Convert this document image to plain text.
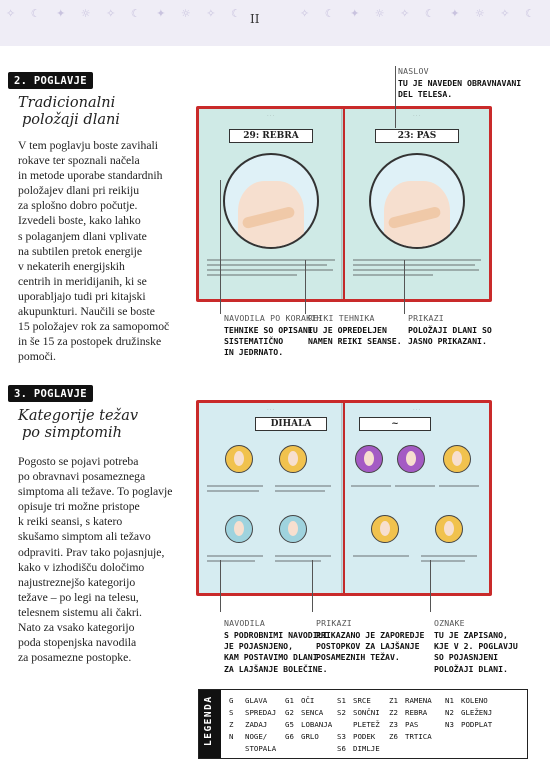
✧ ☾ ✦ ☼ ✧ ☾ ✦ ☼ ✧ ☾	✧ ☾ ✦ ☼ ✧ ☾ ✦ ☼ ✧ ☾
II
2. POGLAVJE
Tradicionalni
položaji dlani
V tem poglavju boste zavihali
rokave ter spoznali načela
in metode uporabe standardnih
položajev dlani pri reikiju
za splošno dobro počutje.
Izvedeli boste, kako lahko
s polaganjem dlani vplivate
na subtilen pretok energije
v nekaterih energijskih
centrih in meridijanih, ki se
uporabljajo tudi pri kitajski
akupunkturi. Naučili se boste
15 položajev rok za samopomoč
in še 15 za postopek družinske
pomoči.
· · ·
29: REBRA
· · ·
23: PAS
NASLOV
TU JE NAVEDEN OBRAVNAVANI
DEL TELESA.
NAVODILA PO KORAKIH
TEHNIKE SO OPISANE
SISTEMATIČNO
IN JEDRNATO.
REIKI TEHNIKA
TU JE OPREDELJEN
NAMEN REIKI SEANSE.
PRIKAZI
POLOŽAJI DLANI SO
JASNO PRIKAZANI.
3. POGLAVJE
Kategorije težav
po simptomih
Pogosto se pojavi potreba
po obravnavi posameznega
simptoma ali težave. To poglavje
opisuje tri možne pristope
k reiki seansi, s katero
skušamo simptom ali težavo
odpraviti. Prav tako pojasnjuje,
kako v izhodišču določimo
najustreznejšo kategorijo
težave – po legi na telesu,
telesnem sistemu ali čakri.
Nato za vsako kategorijo
poda stopenjska navodila
za posamezne postopke.
· · ·
DIHALA
· · ·
~
NAVODILA
S PODROBNIMI NAVODILI
JE POJASNJENO,
KAM POSTAVIMO DLANI
ZA LAJŠANJE BOLEČINE.
PRIKAZI
PRIKAZANO JE ZAPOREDJE
POSTOPKOV ZA LAJŠANJE
POSAMEZNIH TEŽAV.
OZNAKE
TU JE ZAPISANO,
KJE V 2. POGLAVJU
SO POJASNJENI
POLOŽAJI DLANI.
LEGENDA G GLAVA
S SPREDAJ
Z ZADAJ
N NOGE/
STOPALA
G1 OČI
G2 SENCA
G5 LOBANJA
G6 GRLO
S1 SRCE
S2 SONČNI
PLETEŽ
S3 PODEK
S6 DIMLJE
Z1 RAMENA
Z2 REBRA
Z3 PAS
Z6 TRTICA
N1 KOLENO
N2 GLEŽENJ
N3 PODPLAT
